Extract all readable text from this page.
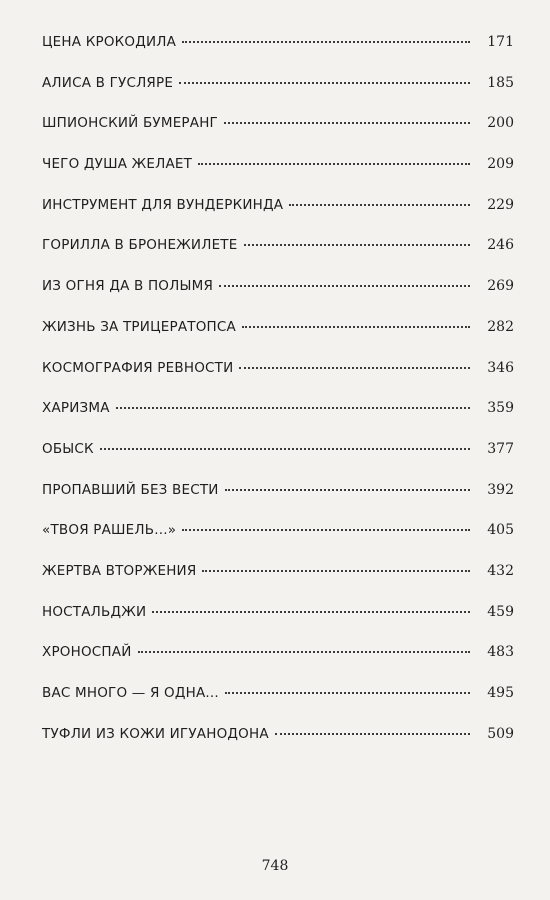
ЦЕНА КРОКОДИЛА	171
АЛИСА В ГУСЛЯРЕ	185
ШПИОНСКИЙ БУМЕРАНГ	200
ЧЕГО ДУША ЖЕЛАЕТ	209
ИНСТРУМЕНТ ДЛЯ ВУНДЕРКИНДА	229
ГОРИЛЛА В БРОНЕЖИЛЕТЕ	246
ИЗ ОГНЯ ДА В ПОЛЫМЯ	269
ЖИЗНЬ ЗА ТРИЦЕРАТОПСА	282
КОСМОГРАФИЯ РЕВНОСТИ	346
ХАРИЗМА	359
ОБЫСК	377
ПРОПАВШИЙ БЕЗ ВЕСТИ	392
«ТВОЯ РАШЕЛЬ...»	405
ЖЕРТВА ВТОРЖЕНИЯ	432
НОСТАЛЬДЖИ	459
ХРОНОСПАЙ	483
ВАС МНОГО — Я ОДНА...	495
ТУФЛИ ИЗ КОЖИ ИГУАНОДОНА	509
748
